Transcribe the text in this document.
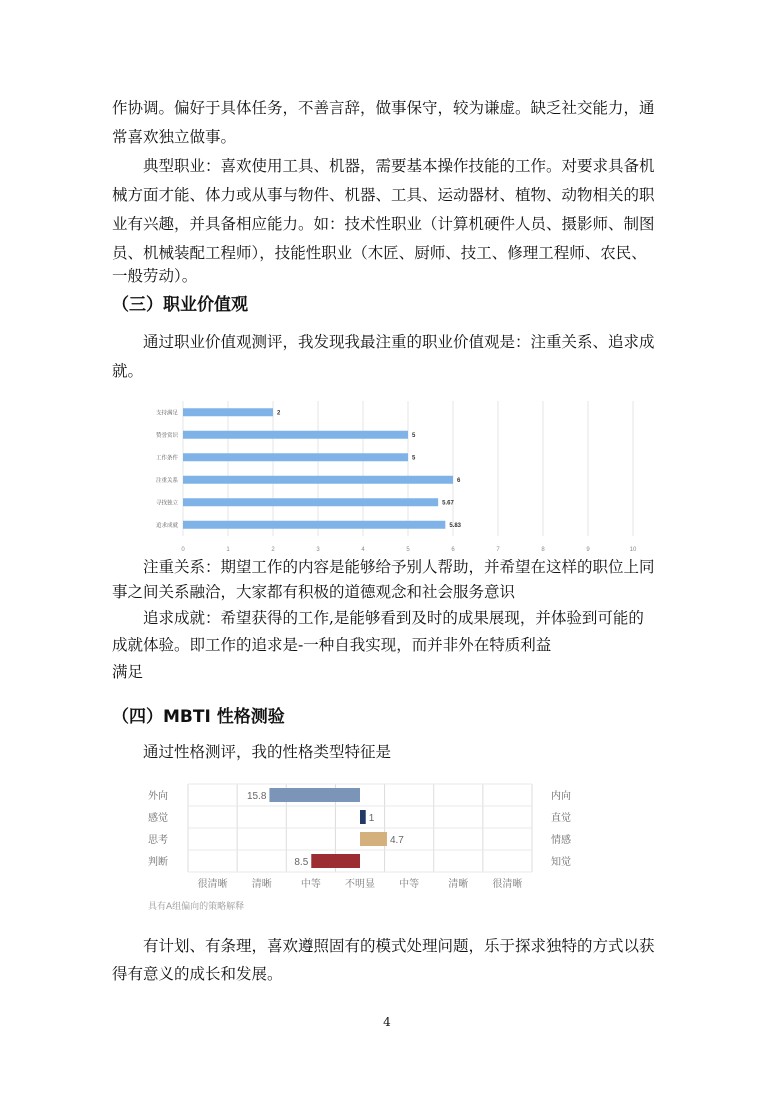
作协调。偏好于具体任务，不善言辞，做事保守，较为谦虚。缺乏社交能力，通

常喜欢独立做事。

　　典型职业：喜欢使用工具、机器，需要基本操作技能的工作。对要求具备机

械方面才能、体力或从事与物件、机器、工具、运动器材、植物、动物相关的职

业有兴趣，并具备相应能力。如：技术性职业（计算机硬件人员、摄影师、制图

员、机械装配工程师），技能性职业（木匠、厨师、技工、修理工程师、农民、

一般劳动）。

（三）职业价值观

　　通过职业价值观测评，我发现我最注重的职业价值观是：注重关系、追求成

就。

0	1	2	3	4	5	6	7	8	9	10
支持满足	2
赞誉赏识	5
工作条件	5
注重关系	6
寻找独立	5.67
追求成就	5.83

　　注重关系：期望工作的内容是能够给予别人帮助，并希望在这样的职位上同

事之间关系融洽，大家都有积极的道德观念和社会服务意识

　　追求成就：希望获得的工作,是能够看到及时的成果展现，并体验到可能的

成就体验。即工作的追求是-一种自我实现，而并非外在特质利益

满足

（四）MBTI 性格测验

　　通过性格测评，我的性格类型特征是

很清晰 清晰	中等 不明显 中等	清晰 很清晰
外向	内向
感觉	直觉
思考	情感
判断	知觉
15.8
1
4.7
8.5
具有A组偏向的策略解释

　　有计划、有条理，喜欢遵照固有的模式处理问题，乐于探求独特的方式以获

得有意义的成长和发展。

4
